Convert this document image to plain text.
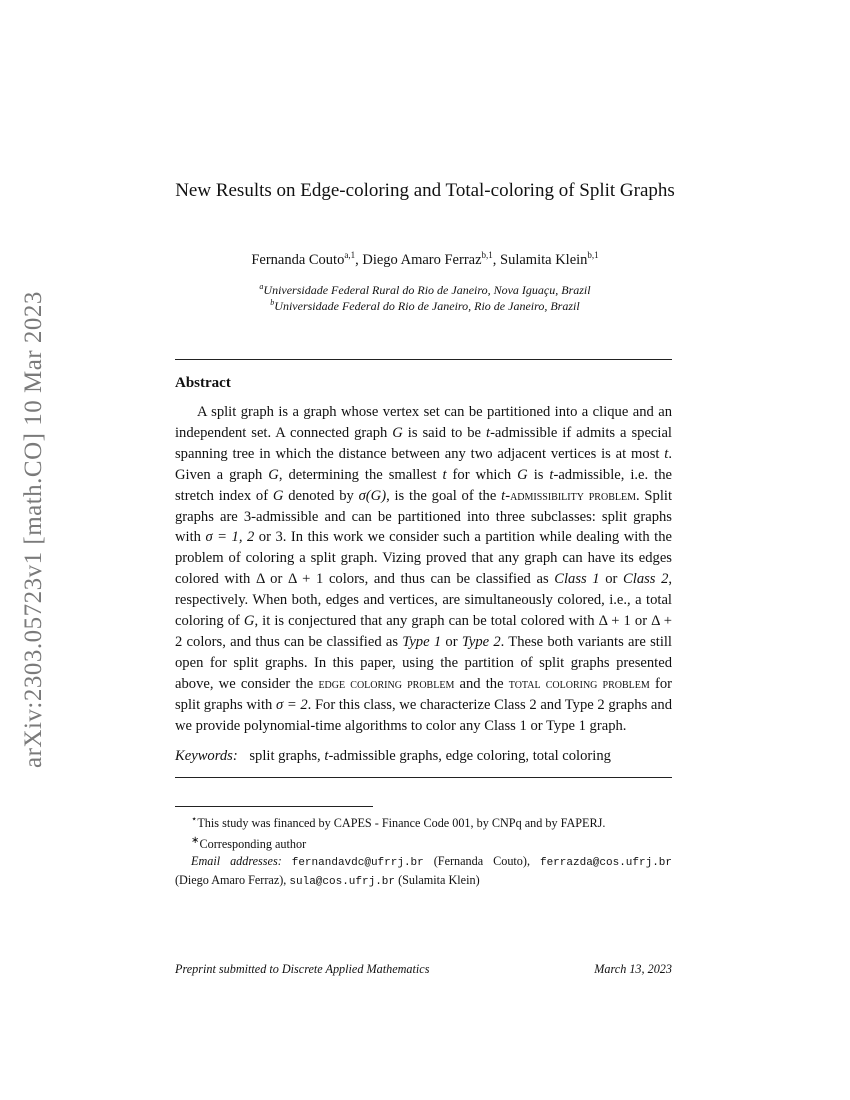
arXiv:2303.05723v1 [math.CO] 10 Mar 2023
New Results on Edge-coloring and Total-coloring of Split Graphs
Fernanda Couto$^{a,1}$, Diego Amaro Ferraz$^{b,1}$, Sulamita Klein$^{b,1}$
$^a$Universidade Federal Rural do Rio de Janeiro, Nova Iguaçu, Brazil
$^b$Universidade Federal do Rio de Janeiro, Rio de Janeiro, Brazil
Abstract
A split graph is a graph whose vertex set can be partitioned into a clique and an independent set. A connected graph G is said to be t-admissible if admits a special spanning tree in which the distance between any two adjacent vertices is at most t. Given a graph G, determining the smallest t for which G is t-admissible, i.e. the stretch index of G denoted by σ(G), is the goal of the t-admissibility problem. Split graphs are 3-admissible and can be partitioned into three subclasses: split graphs with σ = 1, 2 or 3. In this work we consider such a partition while dealing with the problem of coloring a split graph. Vizing proved that any graph can have its edges colored with Δ or Δ + 1 colors, and thus can be classified as Class 1 or Class 2, respectively. When both, edges and vertices, are simultaneously colored, i.e., a total coloring of G, it is conjectured that any graph can be total colored with Δ + 1 or Δ + 2 colors, and thus can be classified as Type 1 or Type 2. These both variants are still open for split graphs. In this paper, using the partition of split graphs presented above, we consider the edge coloring problem and the total coloring problem for split graphs with σ = 2. For this class, we characterize Class 2 and Type 2 graphs and we provide polynomial-time algorithms to color any Class 1 or Type 1 graph.
Keywords: split graphs, t-admissible graphs, edge coloring, total coloring
⋆This study was financed by CAPES - Finance Code 001, by CNPq and by FAPERJ.
∗Corresponding author
Email addresses: fernandavdc@ufrrj.br (Fernanda Couto), ferrazda@cos.ufrj.br (Diego Amaro Ferraz), sula@cos.ufrj.br (Sulamita Klein)
Preprint submitted to Discrete Applied Mathematics	March 13, 2023
